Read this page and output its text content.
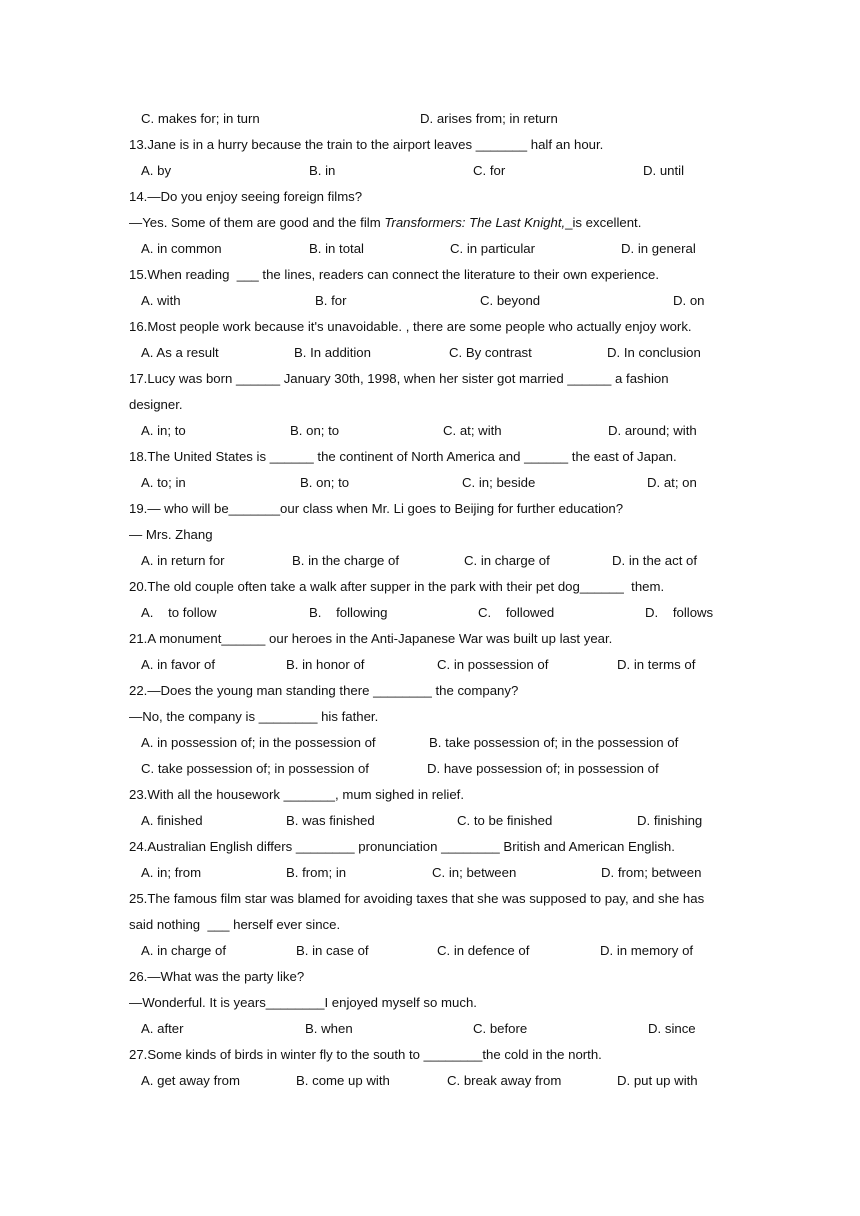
C. makes for; in turn

	D. arises from; in return

13.Jane is in a hurry because the train to the airport leaves _______ half an hour.

A. by

	B. in

	C. for

	D. until

14.—Do you enjoy seeing foreign films?

—Yes. Some of them are good and the film Transformers: The Last Knight,_is excellent.

A. in common

	B. in total

	C. in particular

	D. in general

15.When reading  ___ the lines, readers can connect the literature to their own experience.

A. with

	B. for

	C. beyond

	D. on

16.Most people work because it's unavoidable. , there are some people who actually enjoy work.

A. As a result

	B. In addition

	C. By contrast

	D. In conclusion

17.Lucy was born ______ January 30th, 1998, when her sister got married ______ a fashion

designer.

A. in; to

	B. on; to

	C. at; with

	D. around; with

18.The United States is ______ the continent of North America and ______ the east of Japan.

A. to; in

	B. on; to

	C. in; beside

	D. at; on

19.— who will be_______our class when Mr. Li goes to Beijing for further education?

— Mrs. Zhang

A. in return for

	B. in the charge of

	C. in charge of

	D. in the act of

20.The old couple often take a walk after supper in the park with their pet dog______  them.

A.    to follow

	B.    following

	C.    followed

	D.    follows

21.A monument______ our heroes in the Anti-Japanese War was built up last year.

A. in favor of

	B. in honor of

	C. in possession of

	D. in terms of

22.—Does the young man standing there ________ the company?

—No, the company is ________ his father.

A. in possession of; in the possession of

	B. take possession of; in the possession of

C. take possession of; in possession of

	D. have possession of; in possession of

23.With all the housework _______, mum sighed in relief.

A. finished

	B. was finished

	C. to be finished

	D. finishing

24.Australian English differs ________ pronunciation ________ British and American English.

A. in; from

	B. from; in

	C. in; between

	D. from; between

25.The famous film star was blamed for avoiding taxes that she was supposed to pay, and she has

said nothing  ___ herself ever since.

A. in charge of

	B. in case of

	C. in defence of

	D. in memory of

26.—What was the party like?

—Wonderful. It is years________I enjoyed myself so much.

A. after

	B. when

	C. before

	D. since

27.Some kinds of birds in winter fly to the south to ________the cold in the north.

A. get away from

	B. come up with

	C. break away from

	D. put up with
